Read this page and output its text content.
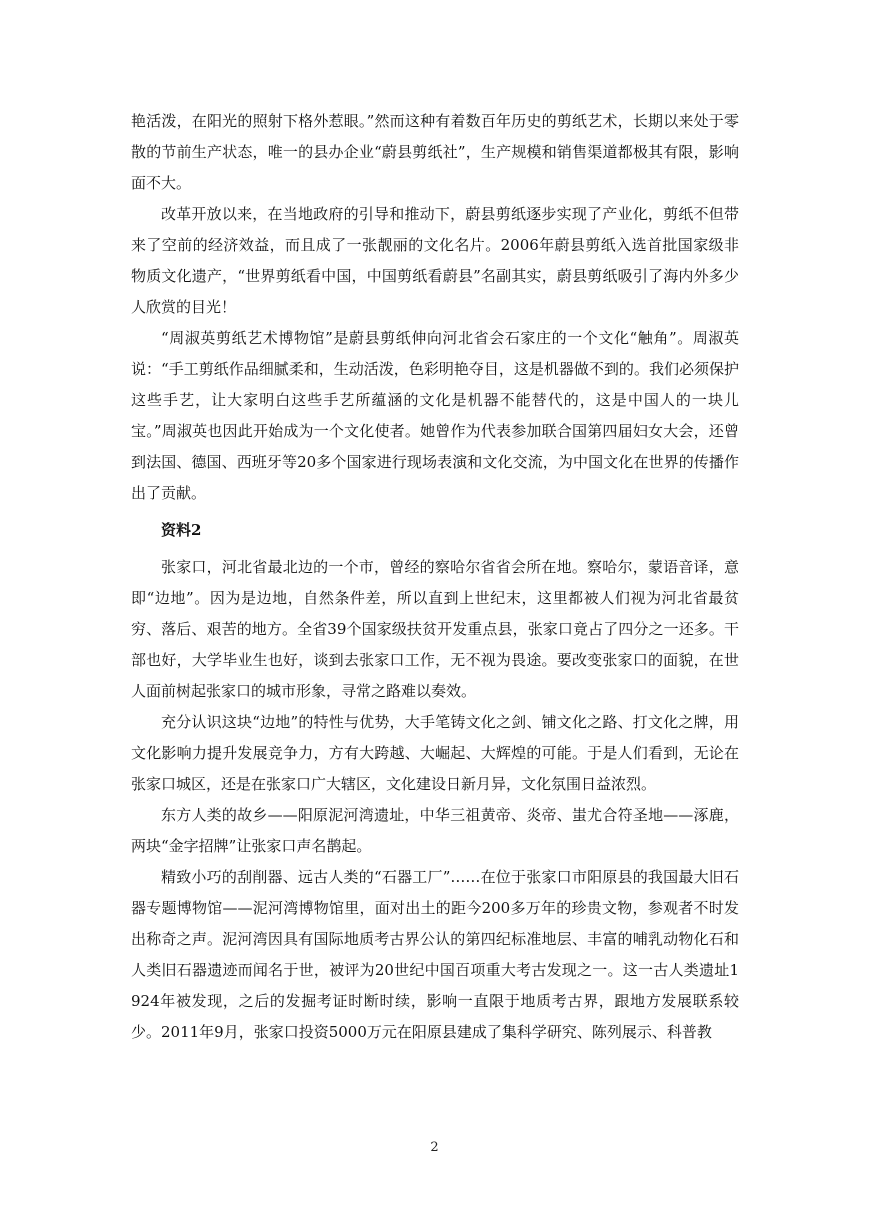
艳活泼，在阳光的照射下格外惹眼。”然而这种有着数百年历史的剪纸艺术，长期以来处于零散的节前生产状态，唯一的县办企业“蔚县剪纸社”，生产规模和销售渠道都极其有限，影响面不大。

改革开放以来，在当地政府的引导和推动下，蔚县剪纸逐步实现了产业化，剪纸不但带来了空前的经济效益，而且成了一张靓丽的文化名片。2006年蔚县剪纸入选首批国家级非物质文化遗产，“世界剪纸看中国，中国剪纸看蔚县”名副其实，蔚县剪纸吸引了海内外多少人欣赏的目光！

“周淑英剪纸艺术博物馆”是蔚县剪纸伸向河北省会石家庄的一个文化“触角”。周淑英说：“手工剪纸作品细腻柔和，生动活泼，色彩明艳夺目，这是机器做不到的。我们必须保护这些手艺，让大家明白这些手艺所蕴涵的文化是机器不能替代的，这是中国人的一块儿宝。”周淑英也因此开始成为一个文化使者。她曾作为代表参加联合国第四届妇女大会，还曾到法国、德国、西班牙等20多个国家进行现场表演和文化交流，为中国文化在世界的传播作出了贡献。

资料2

张家口，河北省最北边的一个市，曾经的察哈尔省省会所在地。察哈尔，蒙语音译，意即“边地”。因为是边地，自然条件差，所以直到上世纪末，这里都被人们视为河北省最贫穷、落后、艰苦的地方。全省39个国家级扶贫开发重点县，张家口竟占了四分之一还多。干部也好，大学毕业生也好，谈到去张家口工作，无不视为畏途。要改变张家口的面貌，在世人面前树起张家口的城市形象，寻常之路难以奏效。

充分认识这块“边地”的特性与优势，大手笔铸文化之剑、铺文化之路、打文化之牌，用文化影响力提升发展竞争力，方有大跨越、大崛起、大辉煌的可能。于是人们看到，无论在张家口城区，还是在张家口广大辖区，文化建设日新月异，文化氛围日益浓烈。

东方人类的故乡——阳原泥河湾遗址，中华三祖黄帝、炎帝、蚩尤合符圣地——涿鹿，两块“金字招牌”让张家口声名鹊起。

精致小巧的刮削器、远古人类的“石器工厂”……在位于张家口市阳原县的我国最大旧石器专题博物馆——泥河湾博物馆里，面对出土的距今200多万年的珍贵文物，参观者不时发出称奇之声。泥河湾因具有国际地质考古界公认的第四纪标准地层、丰富的哺乳动物化石和人类旧石器遗迹而闻名于世，被评为20世纪中国百项重大考古发现之一。这一古人类遗址1924年被发现，之后的发掘考证时断时续，影响一直限于地质考古界，跟地方发展联系较少。2011年9月，张家口投资5000万元在阳原县建成了集科学研究、陈列展示、科普教

2
